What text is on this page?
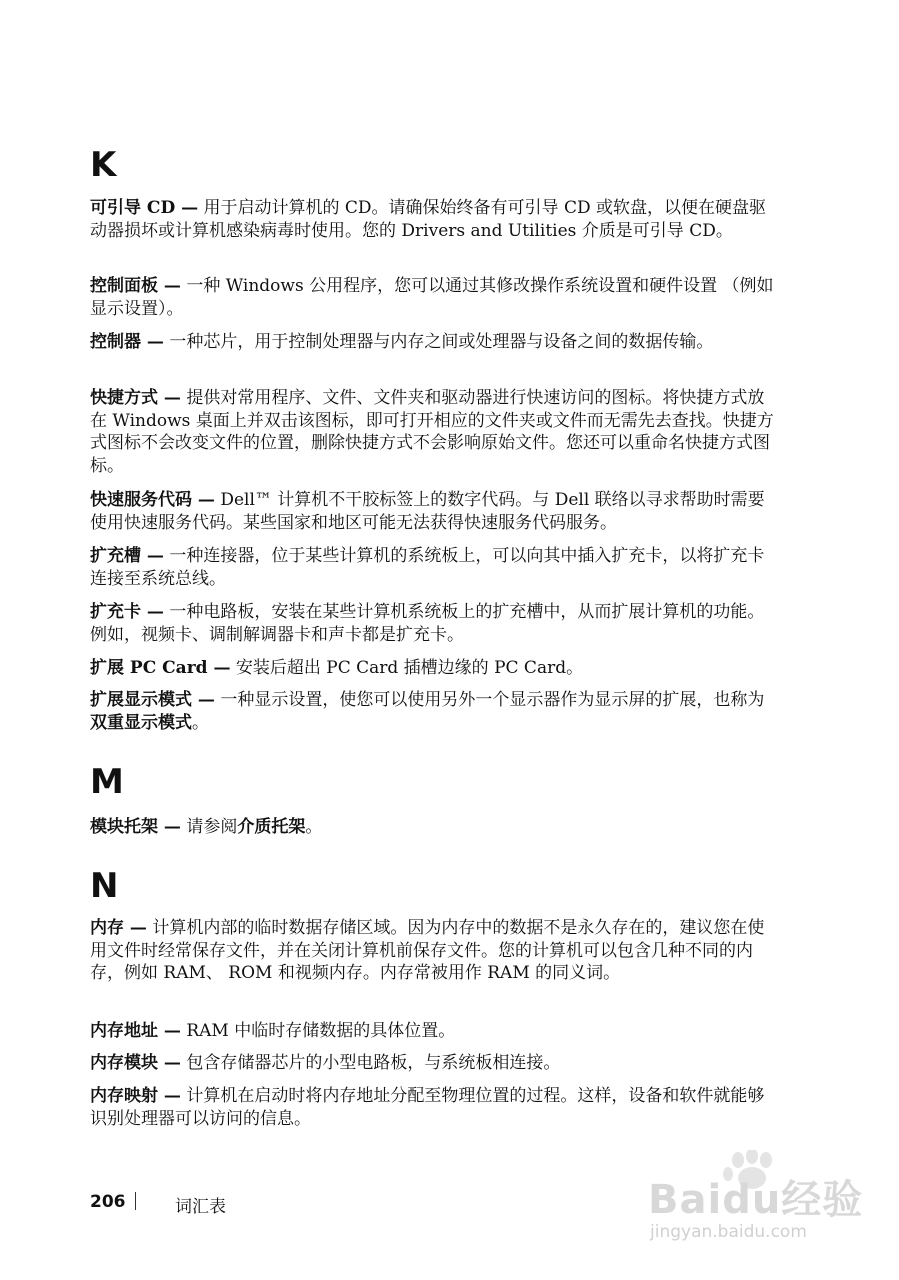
K

可引导 CD — 用于启动计算机的 CD。请确保始终备有可引导 CD 或软盘，以便在硬盘驱动器损坏或计算机感染病毒时使用。您的 Drivers and Utilities 介质是可引导 CD。

控制面板 — 一种 Windows 公用程序，您可以通过其修改操作系统设置和硬件设置 （例如显示设置）。

控制器 — 一种芯片，用于控制处理器与内存之间或处理器与设备之间的数据传输。

快捷方式 — 提供对常用程序、文件、文件夹和驱动器进行快速访问的图标。将快捷方式放在 Windows 桌面上并双击该图标，即可打开相应的文件夹或文件而无需先去查找。快捷方式图标不会改变文件的位置，删除快捷方式不会影响原始文件。您还可以重命名快捷方式图标。

快速服务代码 — Dell™ 计算机不干胶标签上的数字代码。与 Dell 联络以寻求帮助时需要使用快速服务代码。某些国家和地区可能无法获得快速服务代码服务。

扩充槽 — 一种连接器，位于某些计算机的系统板上，可以向其中插入扩充卡，以将扩充卡连接至系统总线。

扩充卡 — 一种电路板，安装在某些计算机系统板上的扩充槽中，从而扩展计算机的功能。例如，视频卡、调制解调器卡和声卡都是扩充卡。

扩展 PC Card — 安装后超出 PC Card 插槽边缘的 PC Card。

扩展显示模式 — 一种显示设置，使您可以使用另外一个显示器作为显示屏的扩展，也称为双重显示模式。

M

模块托架 — 请参阅介质托架。

N

内存 — 计算机内部的临时数据存储区域。因为内存中的数据不是永久存在的，建议您在使用文件时经常保存文件，并在关闭计算机前保存文件。您的计算机可以包含几种不同的内存，例如 RAM、 ROM 和视频内存。内存常被用作 RAM 的同义词。

内存地址 — RAM 中临时存储数据的具体位置。

内存模块 — 包含存储器芯片的小型电路板，与系统板相连接。

内存映射 — 计算机在启动时将内存地址分配至物理位置的过程。这样，设备和软件就能够识别处理器可以访问的信息。

206	词汇表	Baidu经验
jingyan.baidu.com
